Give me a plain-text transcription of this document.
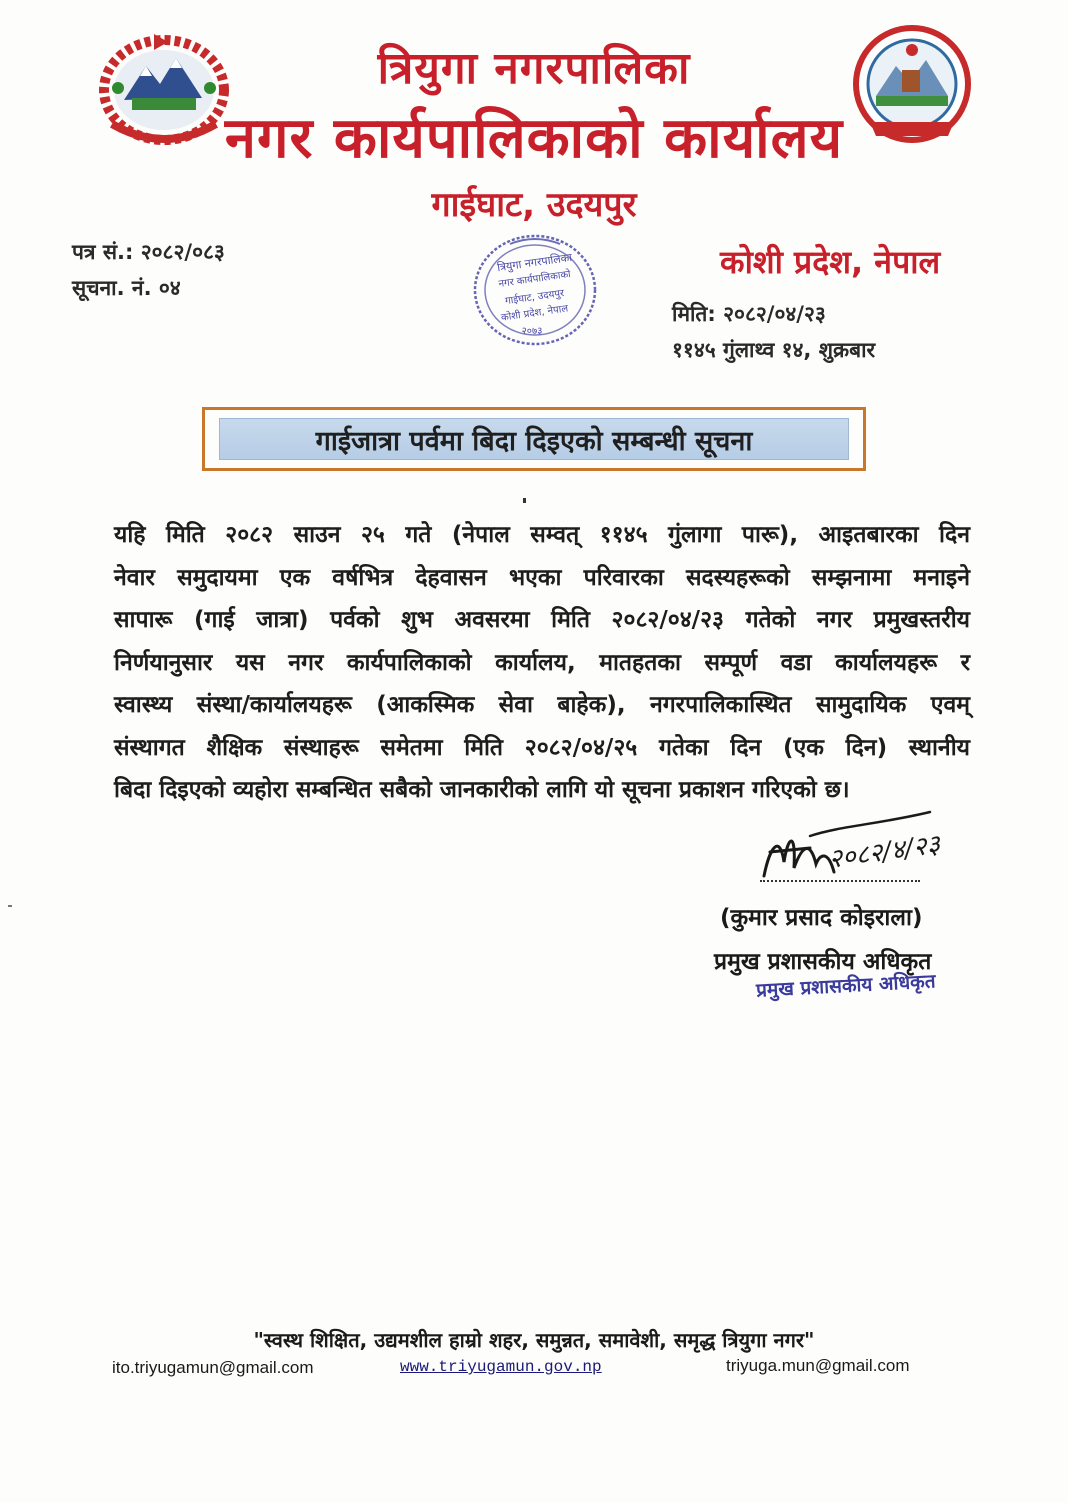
त्रियुगा नगरपालिका
नगर कार्यपालिकाको कार्यालय
गाईघाट, उदयपुर
पत्र सं.: २०८२/०८३
सूचना. नं. ०४
कोशी प्रदेश, नेपाल
मिति: २०८२/०४/२३
११४५ गुंलाथ्व १४, शुक्रबार
त्रियुगा नगरपालिका
नगर कार्यपालिकाको
गाईघाट, उदयपुर
कोशी प्रदेश, नेपाल
२०७३
गाईजात्रा पर्वमा बिदा दिइएको सम्बन्धी सूचना
यहि मिति २०८२ साउन २५ गते (नेपाल सम्वत् ११४५ गुंलागा पारू), आइतबारका दिन
नेवार समुदायमा एक वर्षभित्र देहवासन भएका परिवारका सदस्यहरूको सम्झनामा मनाइने
सापारू (गाई जात्रा) पर्वको शुभ अवसरमा मिति २०८२/०४/२३ गतेको नगर प्रमुखस्तरीय
निर्णयानुसार यस नगर कार्यपालिकाको कार्यालय, मातहतका सम्पूर्ण वडा कार्यालयहरू र
स्वास्थ्य संस्था/कार्यालयहरू (आकस्मिक सेवा बाहेक), नगरपालिकास्थित सामुदायिक एवम्
संस्थागत शैक्षिक संस्थाहरू समेतमा मिति २०८२/०४/२५ गतेका दिन (एक दिन) स्थानीय
बिदा दिइएको व्यहोरा सम्बन्धित सबैको जानकारीको लागि यो सूचना प्रकाशन गरिएको छ।
२०८२/४/२३
(कुमार प्रसाद कोइराला)
प्रमुख प्रशासकीय अधिकृत
प्रमुख प्रशासकीय अधिकृत
"स्वस्थ शिक्षित, उद्यमशील हाम्रो शहर, समुन्नत, समावेशी, समृद्ध त्रियुगा नगर"
ito.triyugamun@gmail.com	www.triyugamun.gov.np	triyuga.mun@gmail.com
